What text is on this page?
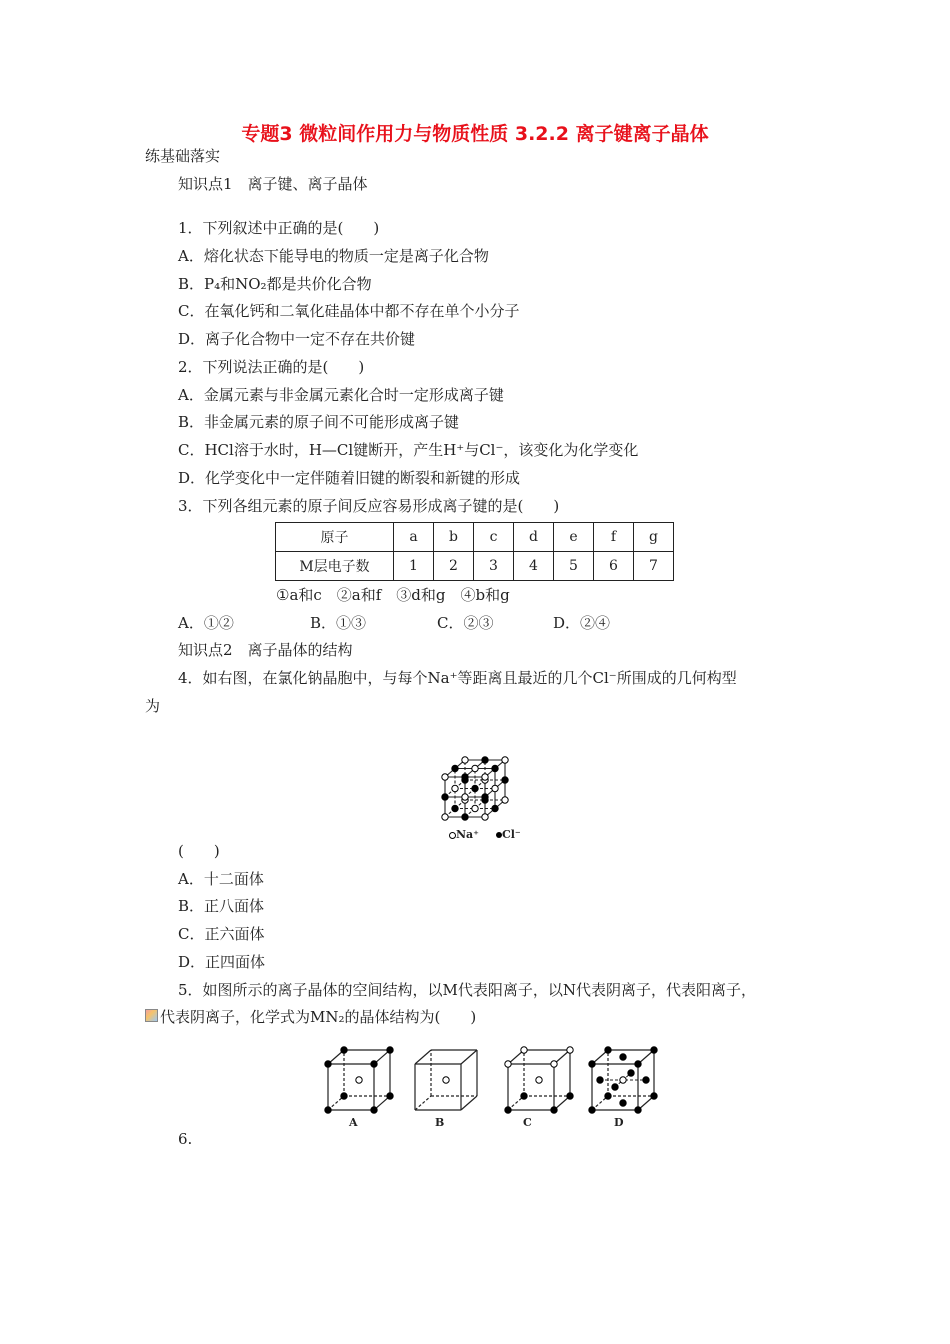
专题3 微粒间作用力与物质性质 3.2.2 离子键离子晶体
练基础落实
知识点1　离子键、离子晶体
1．下列叙述中正确的是(　　)
A．熔化状态下能导电的物质一定是离子化合物
B．P₄和NO₂都是共价化合物
C．在氧化钙和二氧化硅晶体中都不存在单个小分子
D．离子化合物中一定不存在共价键
2．下列说法正确的是(　　)
A．金属元素与非金属元素化合时一定形成离子键
B．非金属元素的原子间不可能形成离子键
C．HCl溶于水时，H—Cl键断开，产生H⁺与Cl⁻，该变化为化学变化
D．化学变化中一定伴随着旧键的断裂和新键的形成
3．下列各组元素的原子间反应容易形成离子键的是(　　)
原子	a	b	c	d	e	f	g
M层电子数	1	2	3	4	5	6	7
①a和c　②a和f　③d和g　④b和g
A．①②	B．①③	C．②③	D．②④
知识点2　离子晶体的结构
4．如右图，在氯化钠晶胞中，与每个Na⁺等距离且最近的几个Cl⁻所围成的几何构型
为
Na⁺	Cl⁻
(　　)
A．十二面体
B．正八面体
C．正六面体
D．正四面体
5．如图所示的离子晶体的空间结构，以M代表阳离子，以N代表阴离子，代表阳离子，
代表阴离子，化学式为MN₂的晶体结构为(　　)
A	B	C	D
6.
